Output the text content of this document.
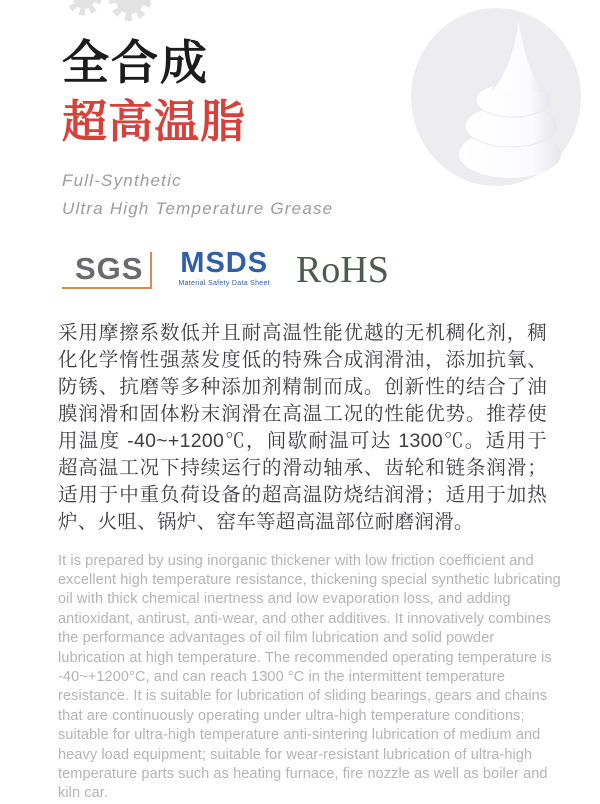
全合成
超高温脂
Full-Synthetic
Ultra High Temperature Grease
SGS	MSDS
Material Safety Data Sheet RoHS

采用摩擦系数低并且耐高温性能优越的无机稠化剂，稠化化学惰性强蒸发度低的特殊合成润滑油，添加抗氧、防锈、抗磨等多种添加剂精制而成。创新性的结合了油膜润滑和固体粉末润滑在高温工况的性能优势。推荐使用温度 -40~+1200℃，间歇耐温可达 1300℃。适用于超高温工况下持续运行的滑动轴承、齿轮和链条润滑；适用于中重负荷设备的超高温防烧结润滑；适用于加热炉、火咀、锅炉、窑车等超高温部位耐磨润滑。

It is prepared by using inorganic thickener with low friction coefficient and excellent high temperature resistance, thickening special synthetic lubricating oil with thick chemical inertness and low evaporation loss, and adding antioxidant, antirust, anti-wear, and other additives. It innovatively combines the performance advantages of oil film lubrication and solid powder lubrication at high temperature. The recommended operating temperature is -40~+1200°C, and can reach 1300 °C in the intermittent temperature resistance. It is suitable for lubrication of sliding bearings, gears and chains that are continuously operating under ultra-high temperature conditions; suitable for ultra-high temperature anti-sintering lubrication of medium and heavy load equipment; suitable for wear-resistant lubrication of ultra-high temperature parts such as heating furnace, fire nozzle as well as boiler and kiln car.
